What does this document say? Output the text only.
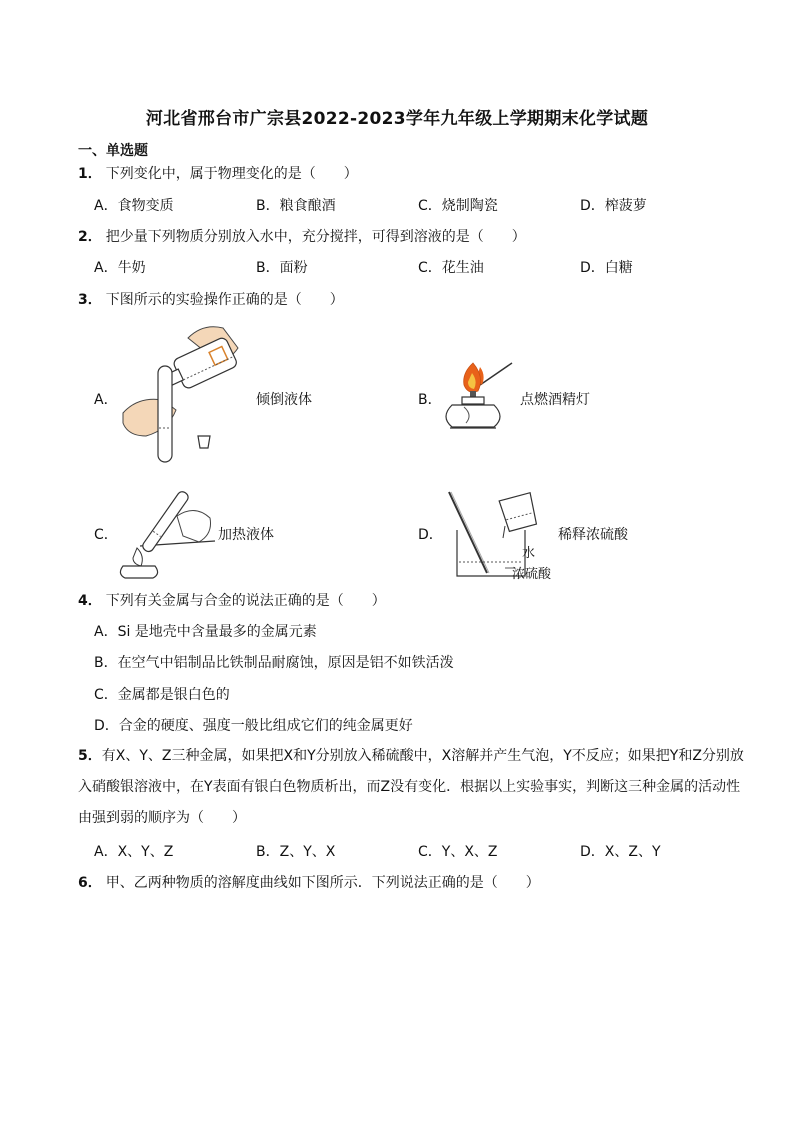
河北省邢台市广宗县2022-2023学年九年级上学期期末化学试题
一、单选题
1． 下列变化中，属于物理变化的是（　　）
A．食物变质	B．粮食酿酒	C．烧制陶瓷	D．榨菠萝
2． 把少量下列物质分别放入水中，充分搅拌，可得到溶液的是（　　）
A．牛奶	B．面粉	C．花生油	D．白糖
3． 下图所示的实验操作正确的是（　　）
A．	倾倒液体	B．	点燃酒精灯
C．	加热液体	D．
水
浓硫酸
稀释浓硫酸
4． 下列有关金属与合金的说法正确的是（　　）
A．Si 是地壳中含量最多的金属元素
B．在空气中铝制品比铁制品耐腐蚀，原因是铝不如铁活泼
C．金属都是银白色的
D．合金的硬度、强度一般比组成它们的纯金属更好
5．有X、Y、Z三种金属，如果把X和Y分别放入稀硫酸中，X溶解并产生气泡，Y不反应；如果把Y和Z分别放入硝酸银溶液中，在Y表面有银白色物质析出，而Z没有变化．根据以上实验事实，判断这三种金属的活动性由强到弱的顺序为（　　）
A．X、Y、Z	B．Z、Y、X	C．Y、X、Z	D．X、Z、Y
6． 甲、乙两种物质的溶解度曲线如下图所示．下列说法正确的是（　　）
